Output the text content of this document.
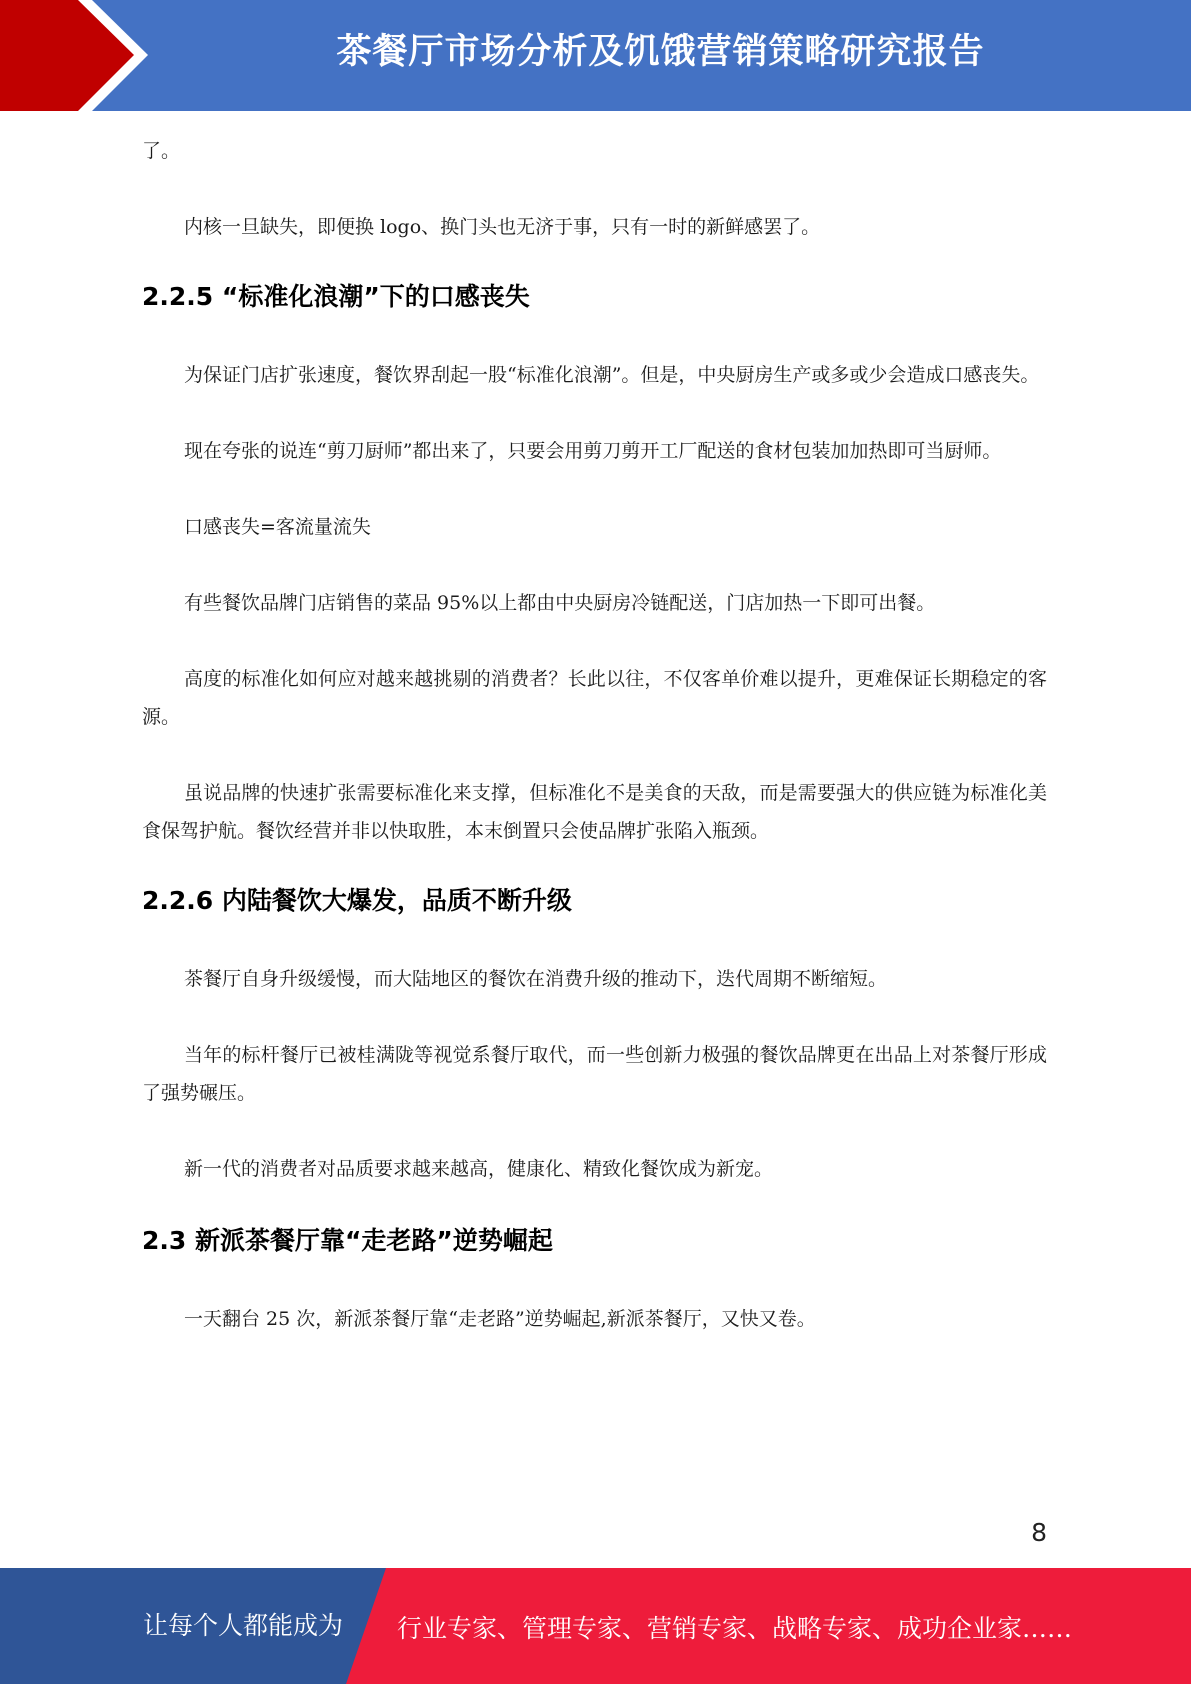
茶餐厅市场分析及饥饿营销策略研究报告

了。

内核一旦缺失，即便换 logo、换门头也无济于事，只有一时的新鲜感罢了。

2.2.5 “标准化浪潮”下的口感丧失

为保证门店扩张速度，餐饮界刮起一股“标准化浪潮”。但是，中央厨房生产或多或少会造成口感丧失。

现在夸张的说连“剪刀厨师”都出来了，只要会用剪刀剪开工厂配送的食材包装加加热即可当厨师。

口感丧失=客流量流失

有些餐饮品牌门店销售的菜品 95%以上都由中央厨房冷链配送，门店加热一下即可出餐。

高度的标准化如何应对越来越挑剔的消费者？长此以往，不仅客单价难以提升，更难保证长期稳定的客源。

虽说品牌的快速扩张需要标准化来支撑，但标准化不是美食的天敌，而是需要强大的供应链为标准化美食保驾护航。餐饮经营并非以快取胜，本末倒置只会使品牌扩张陷入瓶颈。

2.2.6 内陆餐饮大爆发，品质不断升级

茶餐厅自身升级缓慢，而大陆地区的餐饮在消费升级的推动下，迭代周期不断缩短。

当年的标杆餐厅已被桂满陇等视觉系餐厅取代，而一些创新力极强的餐饮品牌更在出品上对茶餐厅形成了强势碾压。

新一代的消费者对品质要求越来越高，健康化、精致化餐饮成为新宠。

2.3 新派茶餐厅靠“走老路”逆势崛起

一天翻台 25 次，新派茶餐厅靠“走老路”逆势崛起,新派茶餐厅，又快又卷。

8
让每个人都能成为 行业专家、管理专家、营销专家、战略专家、成功企业家……
